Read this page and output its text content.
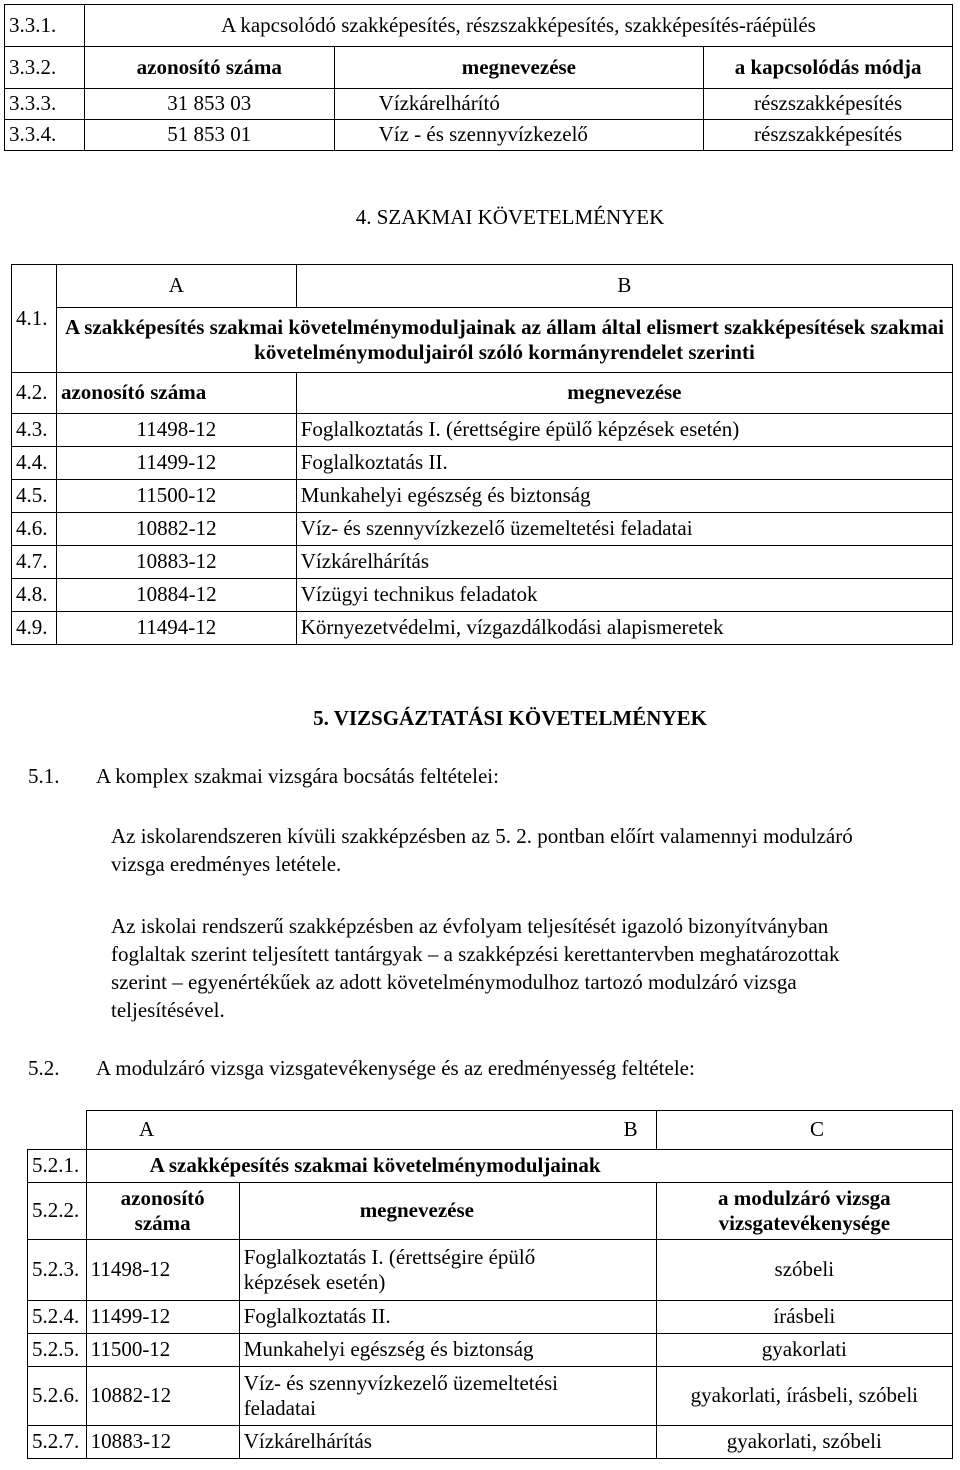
3.3.1.	A kapcsolódó szakképesítés, részszakképesítés, szakképesítés-ráépülés		
3.3.2.	azonosító száma	megnevezése	a kapcsolódás módja
3.3.3.	31 853 03	Vízkárelhárító	részszakképesítés
3.3.4.	51 853 01	Víz - és szennyvízkezelő	részszakképesítés
4. SZAKMAI KÖVETELMÉNYEK
4.1.	A	B
	A szakképesítés szakmai követelménymoduljainak az állam által elismert szakképesítések szakmai követelménymoduljairól szóló kormányrendelet szerinti	
4.2.	azonosító száma	megnevezése
4.3.	11498-12	Foglalkoztatás I. (érettségire épülő képzések esetén)
4.4.	11499-12	Foglalkoztatás II.
4.5.	11500-12	Munkahelyi egészség és biztonság
4.6.	10882-12	Víz- és szennyvízkezelő üzemeltetési feladatai
4.7.	10883-12	Vízkárelhárítás
4.8.	10884-12	Vízügyi technikus feladatok
4.9.	11494-12	Környezetvédelmi, vízgazdálkodási alapismeretek
5. VIZSGÁZTATÁSI KÖVETELMÉNYEK
5.1. A komplex szakmai vizsgára bocsátás feltételei:
Az iskolarendszeren kívüli szakképzésben az 5. 2. pontban előírt valamennyi modulzáró vizsga eredményes letétele.
Az iskolai rendszerű szakképzésben az évfolyam teljesítését igazoló bizonyítványban foglaltak szerint teljesített tantárgyak – a szakképzési kerettantervben meghatározottak szerint – egyenértékűek az adott követelménymodulhoz tartozó modulzáró vizsga teljesítésével.
5.2. A modulzáró vizsga vizsgatevékenysége és az eredményesség feltétele:

	A B		C
5.2.1.	A szakképesítés szakmai követelménymoduljainak		
5.2.2.	azonosító száma	megnevezése	a modulzáró vizsga vizsgatevékenysége
5.2.3.	11498-12	Foglalkoztatás I. (érettségire épülő képzések esetén)	szóbeli
5.2.4.	11499-12	Foglalkoztatás II.	írásbeli
5.2.5.	11500-12	Munkahelyi egészség és biztonság	gyakorlati
5.2.6.	10882-12	Víz- és szennyvízkezelő üzemeltetési feladatai	gyakorlati, írásbeli, szóbeli
5.2.7.	10883-12	Vízkárelhárítás	gyakorlati, szóbeli
